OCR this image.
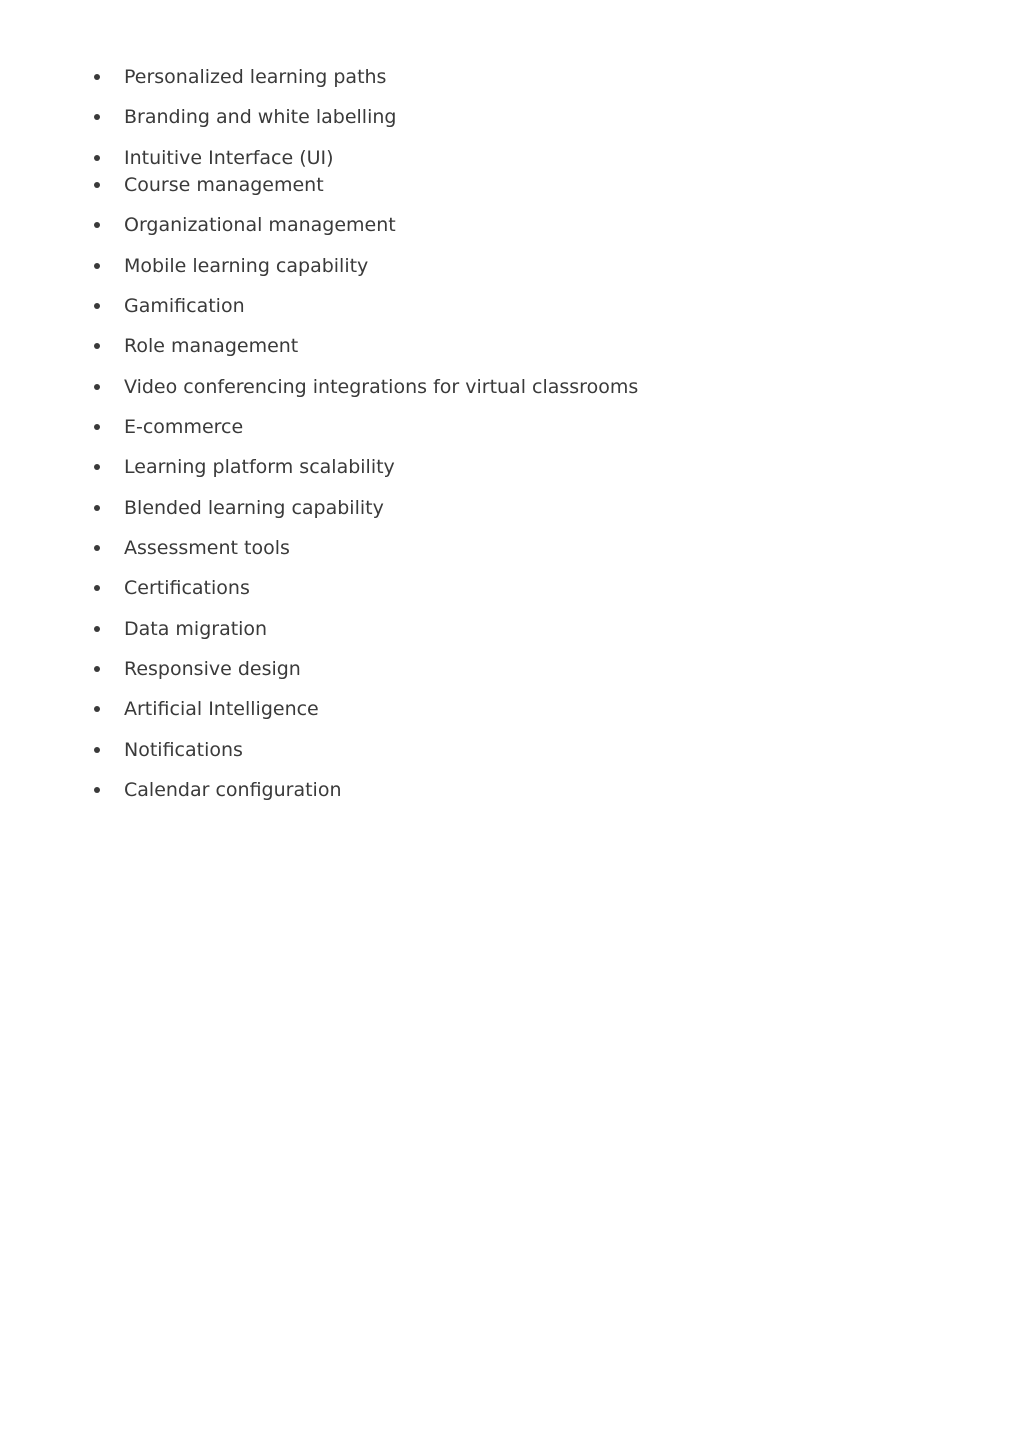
Personalized learning paths
Branding and white labelling
Intuitive Interface (UI)
Course management
Organizational management
Mobile learning capability
Gamification
Role management
Video conferencing integrations for virtual classrooms
E-commerce
Learning platform scalability
Blended learning capability
Assessment tools
Certifications
Data migration
Responsive design
Artificial Intelligence
Notifications
Calendar configuration
